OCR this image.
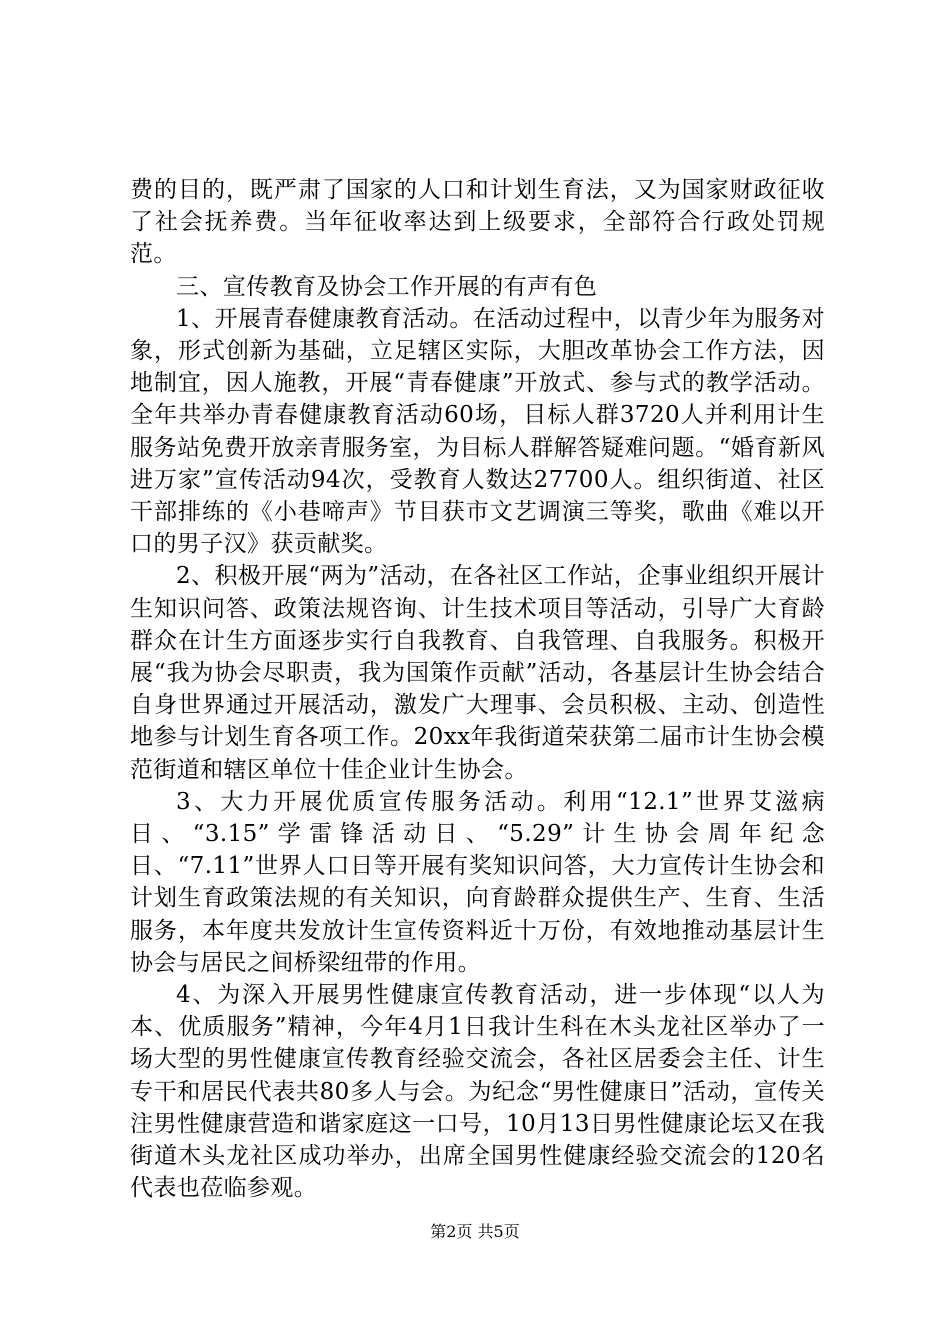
费的目的，既严肃了国家的人口和计划生育法，又为国家财政征收了社会抚养费。当年征收率达到上级要求，全部符合行政处罚规范。

三、宣传教育及协会工作开展的有声有色

1、开展青春健康教育活动。在活动过程中，以青少年为服务对象，形式创新为基础，立足辖区实际，大胆改革协会工作方法，因地制宜，因人施教，开展“青春健康”开放式、参与式的教学活动。全年共举办青春健康教育活动60场，目标人群3720人并利用计生服务站免费开放亲青服务室，为目标人群解答疑难问题。“婚育新风进万家”宣传活动94次，受教育人数达27700人。组织街道、社区干部排练的《小巷啼声》节目获市文艺调演三等奖，歌曲《难以开口的男子汉》获贡献奖。

2、积极开展“两为”活动，在各社区工作站，企事业组织开展计生知识问答、政策法规咨询、计生技术项目等活动，引导广大育龄群众在计生方面逐步实行自我教育、自我管理、自我服务。积极开展“我为协会尽职责，我为国策作贡献”活动，各基层计生协会结合自身世界通过开展活动，激发广大理事、会员积极、主动、创造性地参与计划生育各项工作。20xx年我街道荣获第二届市计生协会模范街道和辖区单位十佳企业计生协会。

3、大力开展优质宣传服务活动。利用“12.1”世界艾滋病日、“3.15”学雷锋活动日、“5.29”计生协会周年纪念日、“7.11”世界人口日等开展有奖知识问答，大力宣传计生协会和计划生育政策法规的有关知识，向育龄群众提供生产、生育、生活服务，本年度共发放计生宣传资料近十万份，有效地推动基层计生协会与居民之间桥梁纽带的作用。

4、为深入开展男性健康宣传教育活动，进一步体现“以人为本、优质服务”精神，今年4月1日我计生科在木头龙社区举办了一场大型的男性健康宣传教育经验交流会，各社区居委会主任、计生专干和居民代表共80多人与会。为纪念“男性健康日”活动，宣传关注男性健康营造和谐家庭这一口号，10月13日男性健康论坛又在我街道木头龙社区成功举办，出席全国男性健康经验交流会的120名代表也莅临参观。

第2页 共5页
